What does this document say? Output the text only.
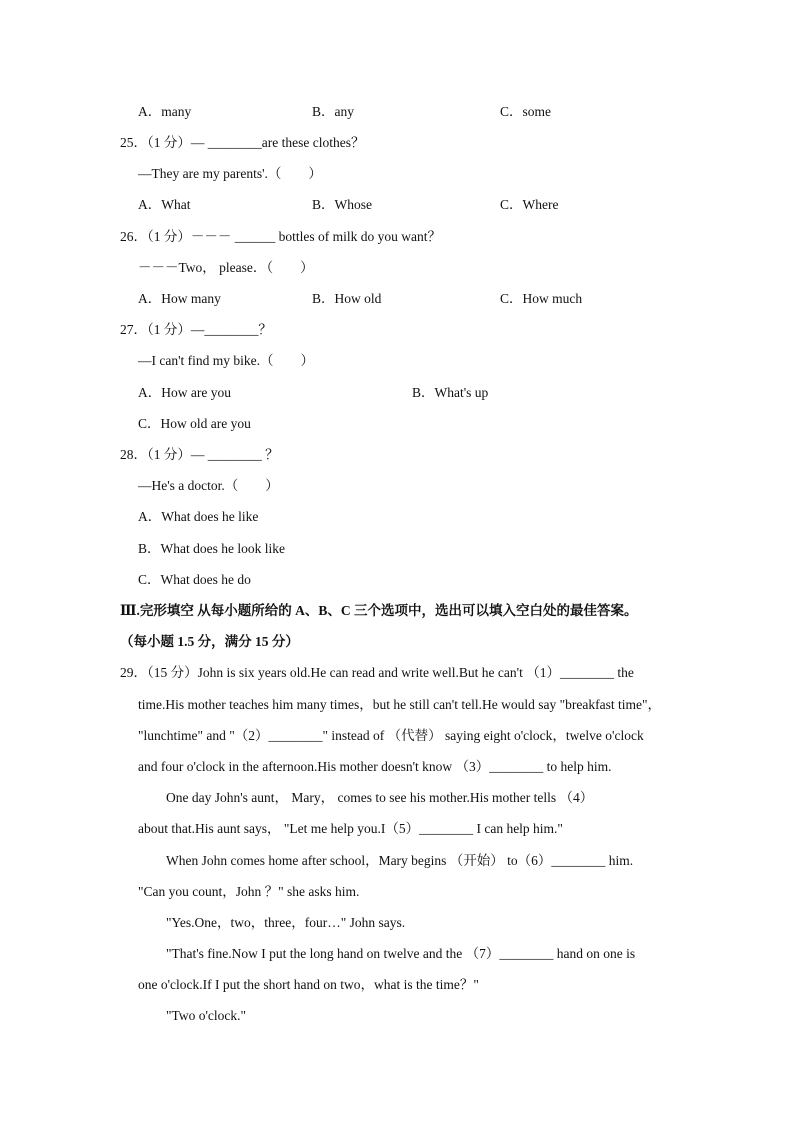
A．many	B．any	C．some
25．（1 分）— ________are these clothes？
—They are my parents'.（　　）
A．What	B．Whose	C．Where
26．（1 分）－－－ ______ bottles of milk do you want？
－－－Two， please．（　　）
A．How many	B．How old	C．How much
27．（1 分）—________？
—I can't find my bike.（　　）
A．How are you	B．What's up
C．How old are you
28．（1 分）— ________ ？
—He's a doctor.（　　）
A．What does he like
B．What does he look like
C．What does he do
Ⅲ.完形填空 从每小题所给的 A、B、C 三个选项中，选出可以填入空白处的最佳答案。
（每小题 1.5 分，满分 15 分）
29．（15 分）John is six years old.He can read and write well.But he can't （1）________ the
time.His mother teaches him many times，but he still can't tell.He would say "breakfast time"，
"lunchtime" and "（2）________" instead of （代替） saying eight o'clock，twelve o'clock
and four o'clock in the afternoon.His mother doesn't know （3）________ to help him.
One day John's aunt， Mary， comes to see his mother.His mother tells （4）
about that.His aunt says， "Let me help you.I（5）________ I can help him."
When John comes home after school，Mary begins （开始） to（6）________ him.
"Can you count，John ？" she asks him.
"Yes.One，two，three，four…" John says.
"That's fine.Now I put the long hand on twelve and the （7）________ hand on one is
one o'clock.If I put the short hand on two，what is the time？"
"Two o'clock."
